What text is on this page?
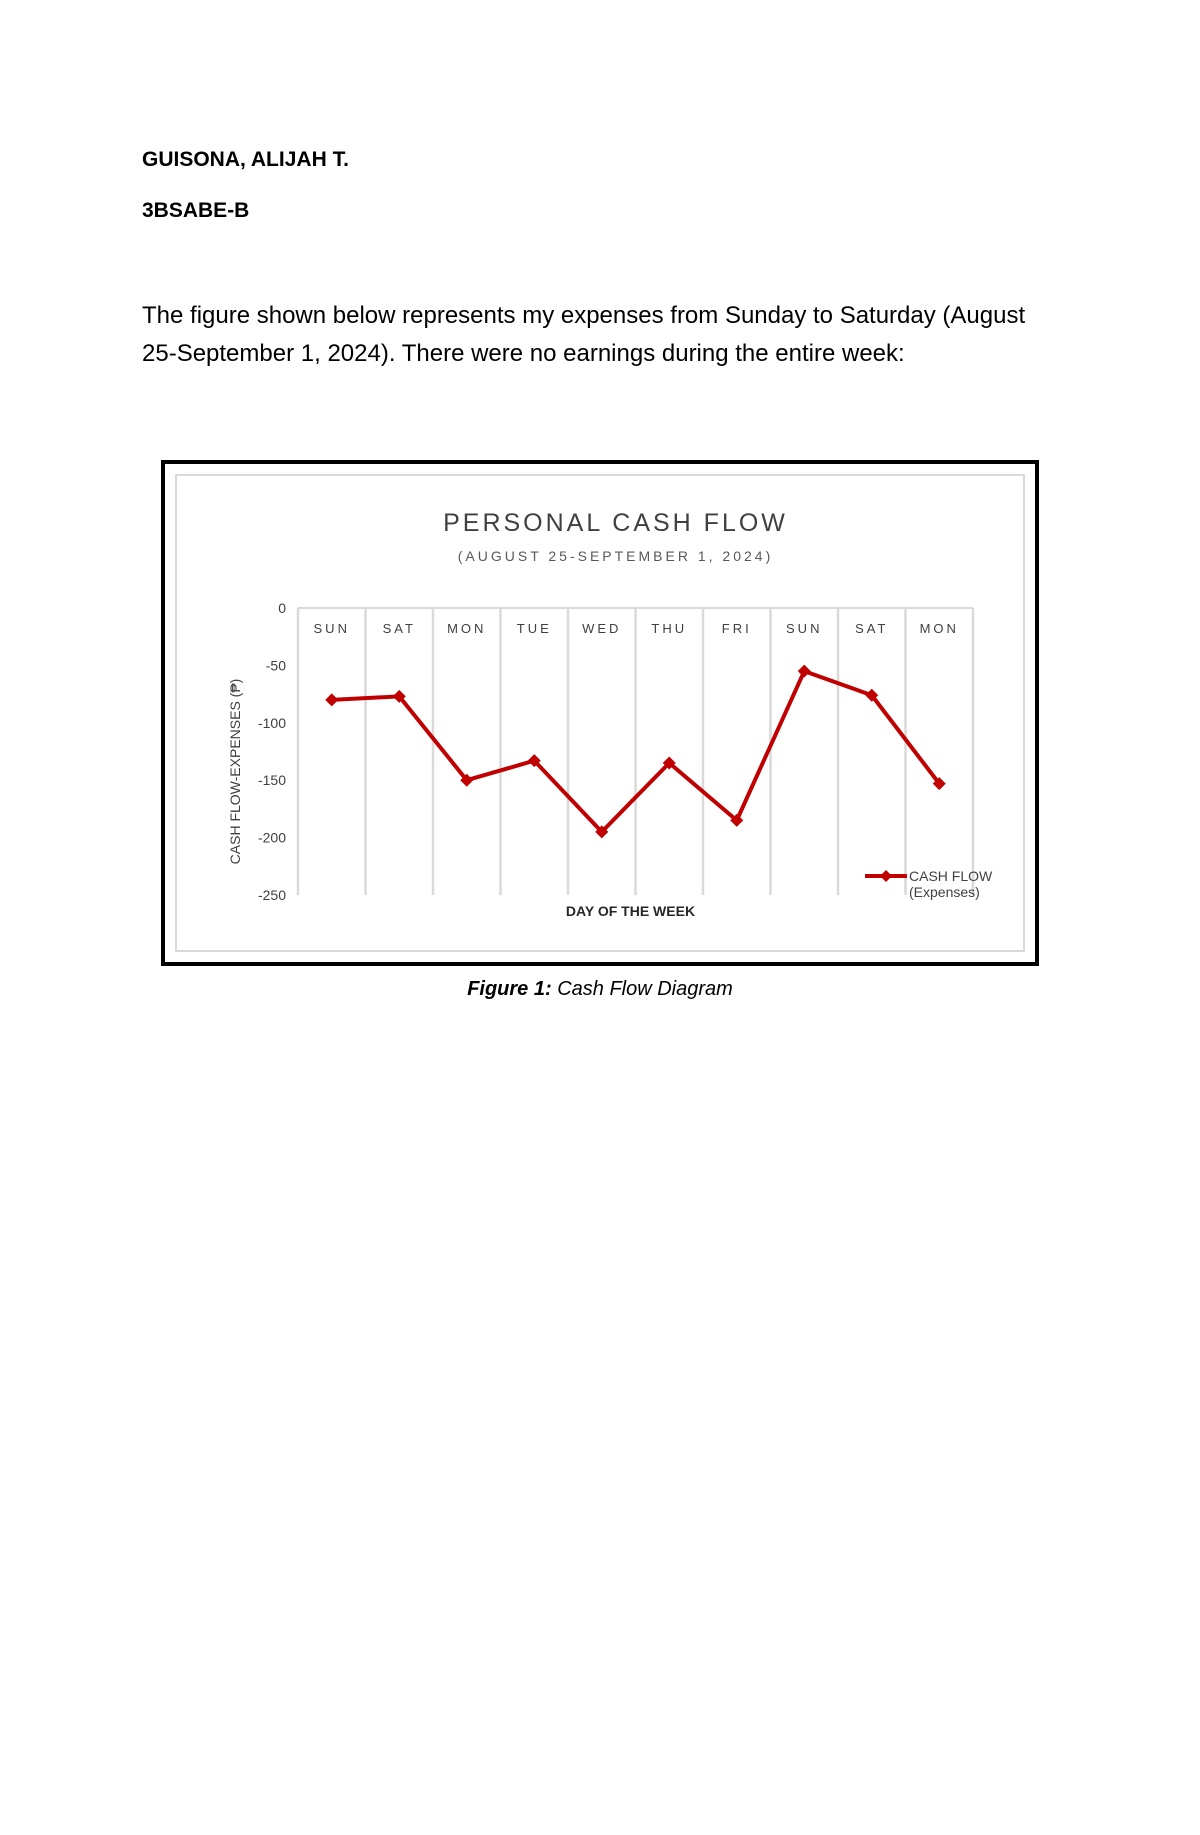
GUISONA, ALIJAH T.
3BSABE-B
The figure shown below represents my expenses from Sunday to Saturday (August
25-September 1, 2024). There were no earnings during the entire week:
PERSONAL CASH FLOW
(AUGUST 25-SEPTEMBER 1, 2024)
0
-50
-100
-150
-200
-250
CASH FLOW-EXPENSES (₱)
SUN	SAT MON TUE WED THU	FRI	SUN	SAT MON
DAY OF THE WEEK
CASH FLOW (Expenses)
Figure 1: Cash Flow Diagram
